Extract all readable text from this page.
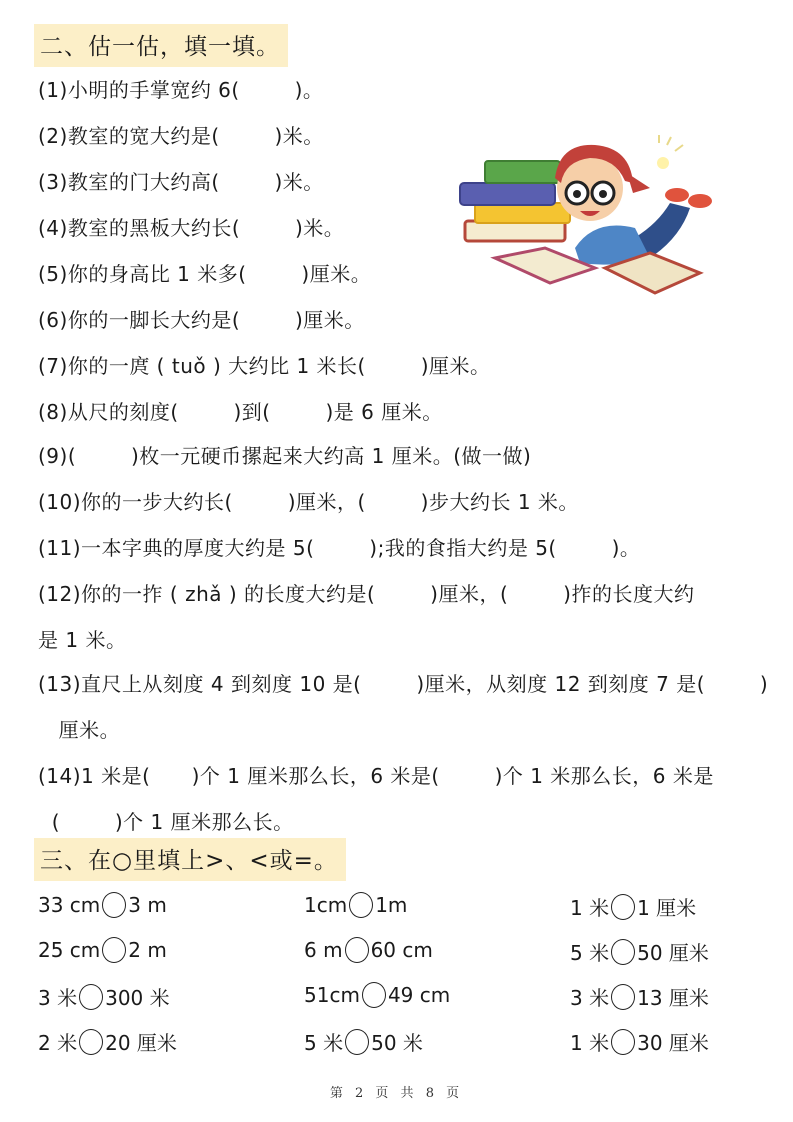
二、估一估，填一填。
(1)小明的手掌宽约 6(        )。
(2)教室的宽大约是(        )米。
(3)教室的门大约高(        )米。
(4)教室的黑板大约长(        )米。
(5)你的身高比 1 米多(        )厘米。
(6)你的一脚长大约是(        )厘米。
(7)你的一庹 ( tuǒ ) 大约比 1 米长(        )厘米。
(8)从尺的刻度(        )到(        )是 6 厘米。
(9)(        )枚一元硬币摞起来大约高 1 厘米。(做一做)
(10)你的一步大约长(        )厘米，(        )步大约长 1 米。
(11)一本字典的厚度大约是 5(        );我的食指大约是 5(        )。
(12)你的一拃 ( zhǎ ) 的长度大约是(        )厘米，(        )拃的长度大约
是 1 米。
(13)直尺上从刻度 4 到刻度 10 是(        )厘米，从刻度 12 到刻度 7 是(        )
厘米。
(14)1 米是(      )个 1 厘米那么长，6 米是(        )个 1 米那么长，6 米是
(        )个 1 厘米那么长。
三、在○里填上>、<或=。
33 cm 3 m	1cm 1m	1 米 1 厘米
25 cm 2 m	6 m 60 cm	5 米 50 厘米
3 米 300 米	51cm 49 cm	3 米 13 厘米
2 米 20 厘米	5 米 50 米	1 米 30 厘米
第 2 页 共 8 页
